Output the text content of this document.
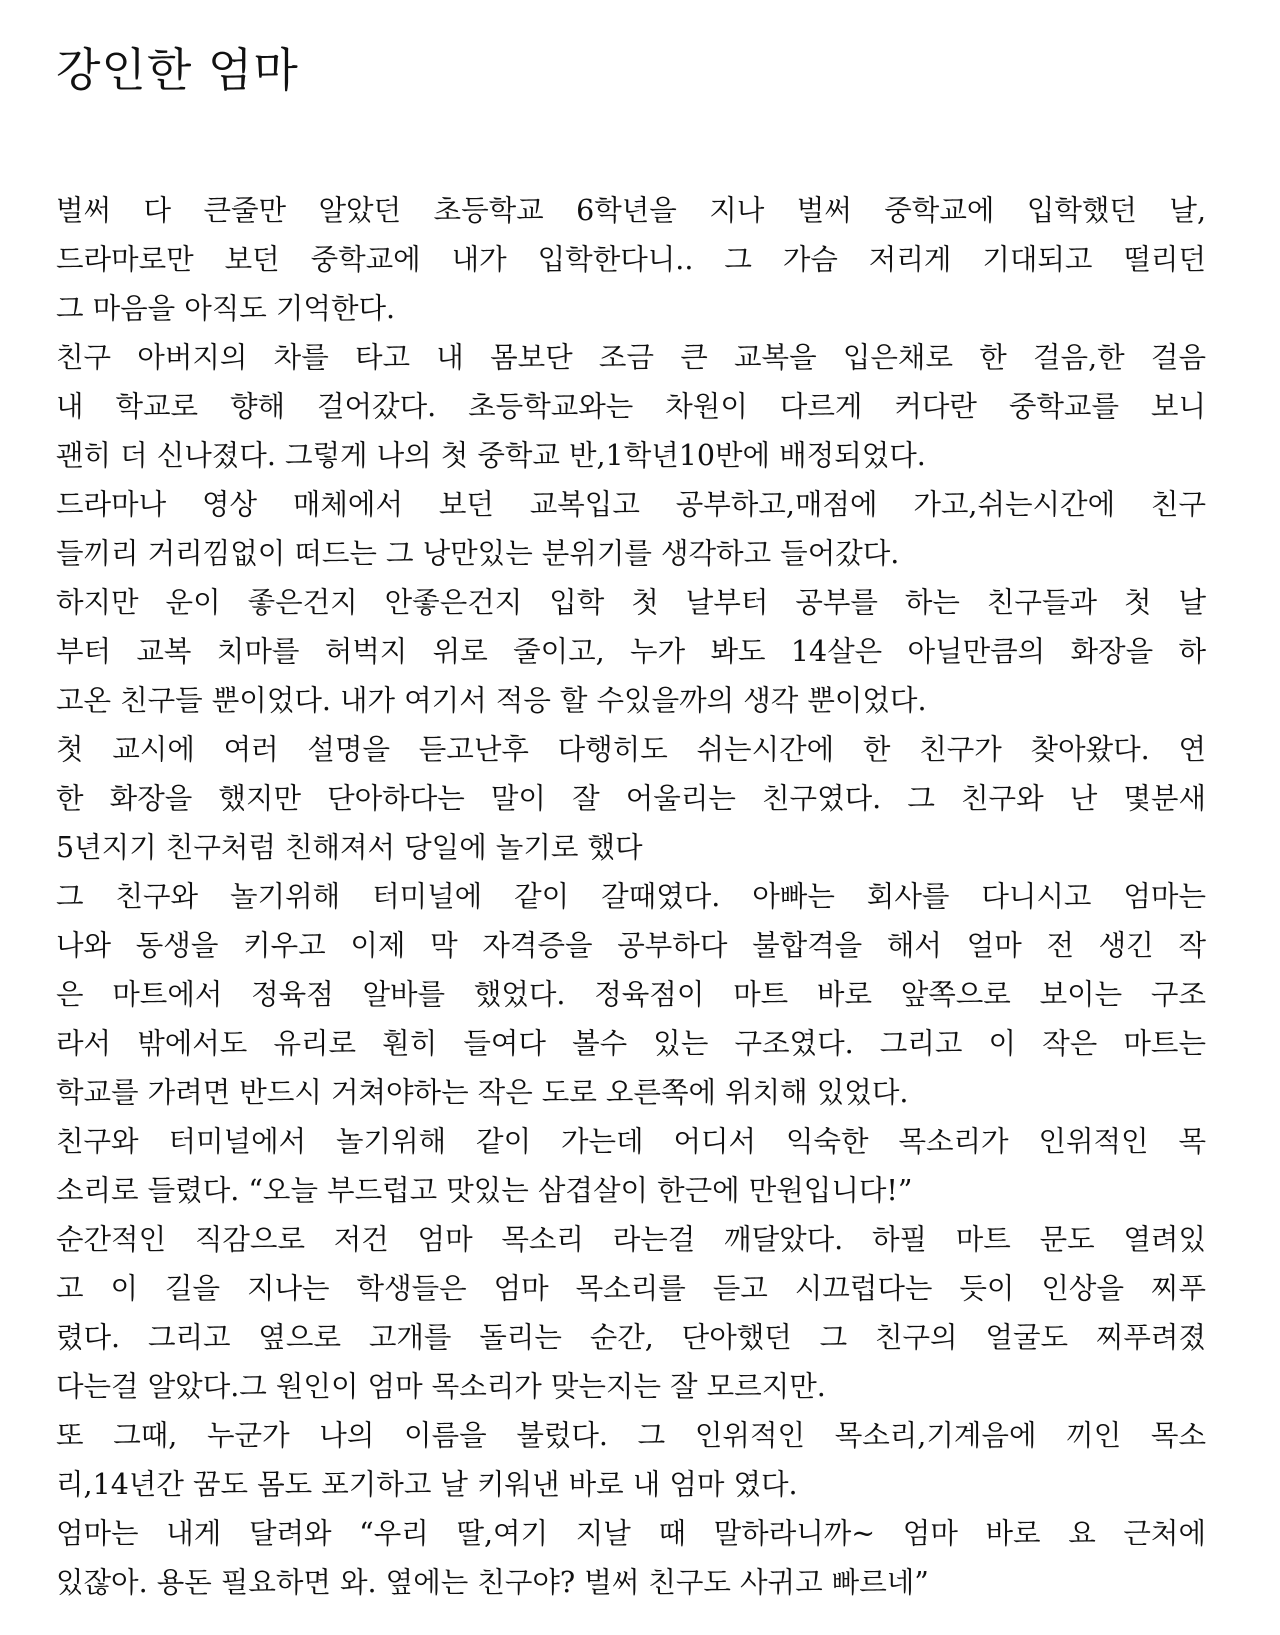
강인한 엄마
벌써 다 큰줄만 알았던 초등학교 6학년을 지나 벌써 중학교에 입학했던 날,
드라마로만 보던 중학교에 내가 입학한다니.. 그 가슴 저리게 기대되고 떨리던
그 마음을 아직도 기억한다.
친구 아버지의 차를 타고 내 몸보단 조금 큰 교복을 입은채로 한 걸음,한 걸음
내 학교로 향해 걸어갔다. 초등학교와는 차원이 다르게 커다란 중학교를 보니
괜히 더 신나졌다. 그렇게 나의 첫 중학교 반,1학년10반에 배정되었다.
드라마나 영상 매체에서 보던 교복입고 공부하고,매점에 가고,쉬는시간에 친구
들끼리 거리낌없이 떠드는 그 낭만있는 분위기를 생각하고 들어갔다.
하지만 운이 좋은건지 안좋은건지 입학 첫 날부터 공부를 하는 친구들과 첫 날
부터 교복 치마를 허벅지 위로 줄이고, 누가 봐도 14살은 아닐만큼의 화장을 하
고온 친구들 뿐이었다. 내가 여기서 적응 할 수있을까의 생각 뿐이었다.
첫 교시에 여러 설명을 듣고난후 다행히도 쉬는시간에 한 친구가 찾아왔다. 연
한 화장을 했지만 단아하다는 말이 잘 어울리는 친구였다. 그 친구와 난 몇분새
5년지기 친구처럼 친해져서 당일에 놀기로 했다
그 친구와 놀기위해 터미널에 같이 갈때였다. 아빠는 회사를 다니시고 엄마는
나와 동생을 키우고 이제 막 자격증을 공부하다 불합격을 해서 얼마 전 생긴 작
은 마트에서 정육점 알바를 했었다. 정육점이 마트 바로 앞쪽으로 보이는 구조
라서 밖에서도 유리로 훤히 들여다 볼수 있는 구조였다. 그리고 이 작은 마트는
학교를 가려면 반드시 거쳐야하는 작은 도로 오른쪽에 위치해 있었다.
친구와 터미널에서 놀기위해 같이 가는데 어디서 익숙한 목소리가 인위적인 목
소리로 들렸다. “오늘 부드럽고 맛있는 삼겹살이 한근에 만원입니다!”
순간적인 직감으로 저건 엄마 목소리 라는걸 깨달았다. 하필 마트 문도 열려있
고 이 길을 지나는 학생들은 엄마 목소리를 듣고 시끄럽다는 듯이 인상을 찌푸
렸다. 그리고 옆으로 고개를 돌리는 순간, 단아했던 그 친구의 얼굴도 찌푸려졌
다는걸 알았다.그 원인이 엄마 목소리가 맞는지는 잘 모르지만.
또 그때, 누군가 나의 이름을 불렀다. 그 인위적인 목소리,기계음에 끼인 목소
리,14년간 꿈도 몸도 포기하고 날 키워낸 바로 내 엄마 였다.
엄마는 내게 달려와 “우리 딸,여기 지날 때 말하라니까~ 엄마 바로 요 근처에
있잖아. 용돈 필요하면 와. 옆에는 친구야? 벌써 친구도 사귀고 빠르네”
